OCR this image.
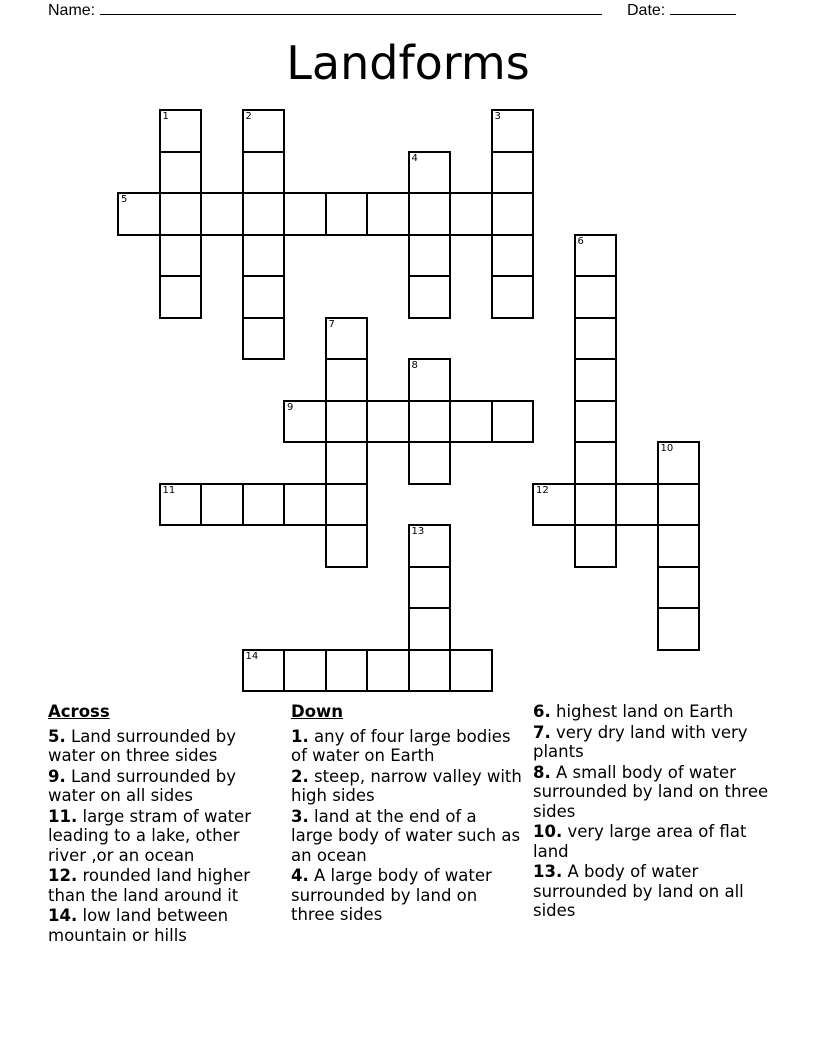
Name:	Date:
Landforms
1	2	3
4
5
6
7
8
9
10
11	12
13
14
Across
5. Land surrounded by water on three sides
9. Land surrounded by water on all sides
11. large stram of water leading to a lake, other river ,or an ocean
12. rounded land higher than the land around it
14. low land between mountain or hills
Down
1. any of four large bodies of water on Earth
2. steep, narrow valley with high sides
3. land at the end of a large body of water such as an ocean
4. A large body of water surrounded by land on three sides
6. highest land on Earth
7. very dry land with very plants
8. A small body of water surrounded by land on three sides
10. very large area of flat land
13. A body of water surrounded by land on all sides
